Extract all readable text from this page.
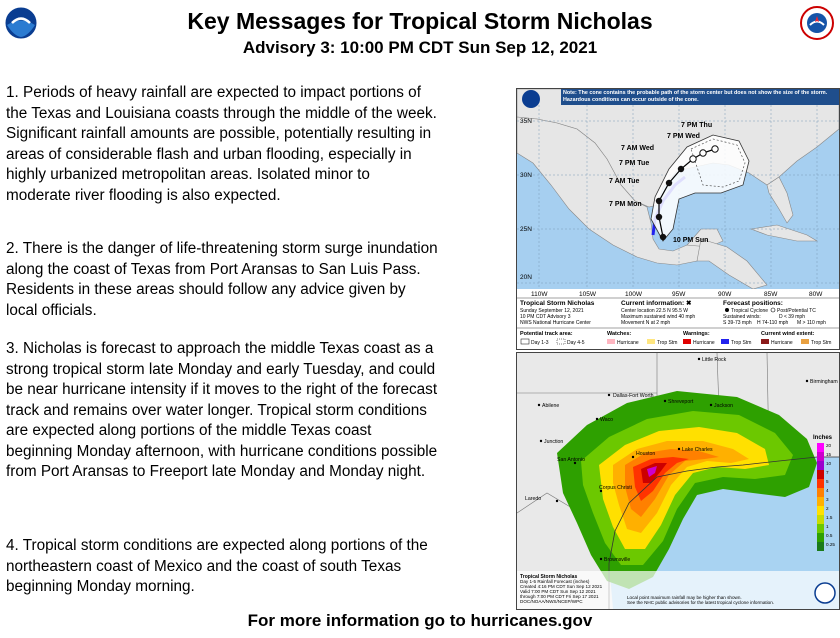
Key Messages for Tropical Storm Nicholas
Advisory 3: 10:00 PM CDT Sun Sep 12, 2021

1. Periods of heavy rainfall are expected to impact portions of the Texas and Louisiana coasts through the middle of the week. Significant rainfall amounts are possible, potentially resulting in areas of considerable flash and urban flooding, especially in highly urbanized metropolitan areas. Isolated minor to moderate river flooding is also expected.

2. There is the danger of life-threatening storm surge inundation along the coast of Texas from Port Aransas to San Luis Pass. Residents in these areas should follow any advice given by local officials.

3. Nicholas is forecast to approach the middle Texas coast as a strong tropical storm late Monday and early Tuesday, and could be near hurricane intensity if it moves to the right of the forecast track and remains over water longer. Tropical storm conditions are expected along portions of the middle Texas coast beginning Monday afternoon, with hurricane conditions possible from Port Aransas to Freeport late Monday and Monday night.

4. Tropical storm conditions are expected along portions of the northeastern coast of Mexico and the coast of south Texas beginning Monday morning.

7 PM Thu
7 PM Wed
7 AM Wed
7 PM Tue
7 AM Tue
7 PM Mon
10 PM Sun
35N
30N
25N
20N
Note: The cone contains the probable path of the storm center but does not show the size of the storm. Hazardous conditions can occur outside of the cone.
110W	105W	100W	95W	90W	85W	80W
Tropical Storm Nicholas
Sunday September 12, 2021
10 PM CDT Advisory 3
NWS National Hurricane Center
Current information: ✖
Center location 22.5 N 95.5 W
Maximum sustained wind 40 mph
Movement N at 2 mph
Forecast positions:
Tropical Cyclone Post/Potential TC
Sustained winds:	D < 39 mph
S 39-73 mph H 74-110 mph M > 110 mph
Potential track area:
Day 1-3	Day 4-5
Watches:
Hurricane	Trop Stm
Warnings:
Hurricane	Trop Stm
Current wind extent:
Hurricane	Trop Stm
Little Rock
Birmingham
Dallas-Fort Worth
Shreveport
Jackson
Abilene
Waco
Junction
San Antonio
Lake Charles
Houston
Laredo
Corpus Christi
Brownsville
Inches
20
15
10
7
5
4
3
2
1.5
1
0.5
0.25
Tropical Storm Nicholas
Day 1-5 Rainfall Forecast (inches)
Created 4:16 PM CDT Sun Sep 12 2021
Valid 7:00 PM CDT Sun Sep 12 2021
through 7:00 PM CDT Fri Sep 17 2021
DOC/NOAA/NWS/NCEP/WPC
Local point maximum rainfall may be higher than shown.
See the NHC public advisories for the latest tropical cyclone information.
For more information go to hurricanes.gov
